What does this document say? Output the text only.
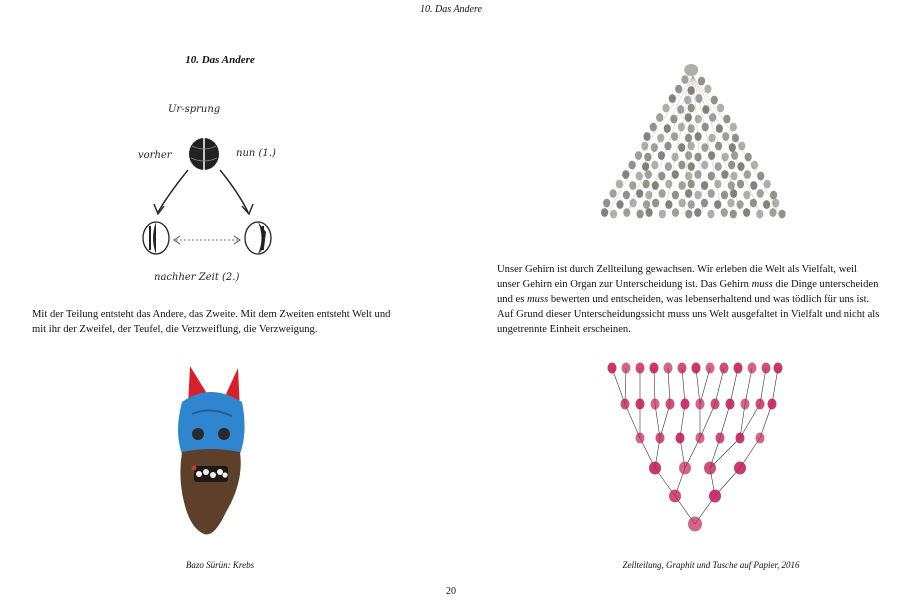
10. Das Andere
10. Das Andere
Ur-sprung
vorher	nun (1.)
nachher Zeit (2.)

Mit der Teilung entsteht das Andere, das Zweite. Mit dem Zweiten entsteht Welt und mit ihr der Zweifel, der Teufel, die Verzweiflung, die Verzweigung.

Bazo Sürün: Krebs

Unser Gehirn ist durch Zellteilung gewachsen. Wir erleben die Welt als Vielfalt, weil unser Gehirn ein Organ zur Unterscheidung ist. Das Gehirn muss die Dinge unterscheiden und es muss bewerten und entscheiden, was lebenserhaltend und was tödlich für uns ist. Auf Grund dieser Unterscheidungssicht muss uns Welt ausgefaltet in Vielfalt und nicht als ungetrennte Einheit erscheinen.

Zellteilung, Graphit und Tusche auf Papier, 2016
20
